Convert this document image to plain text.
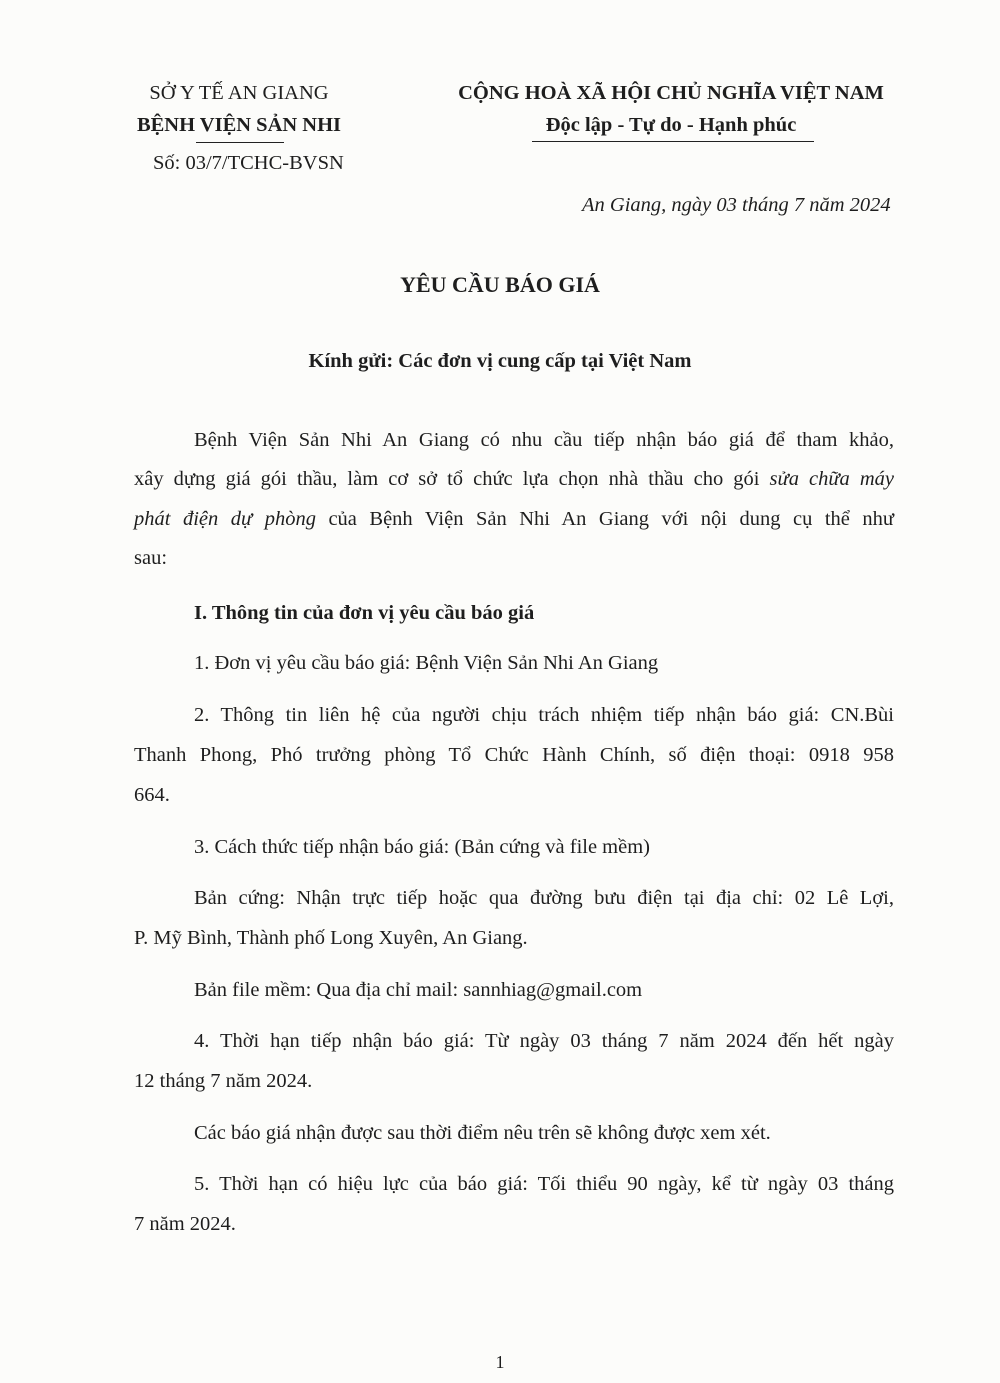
SỞ Y TẾ AN GIANG
BỆNH VIỆN SẢN NHI
Số: 03/7/TCHC-BVSN
CỘNG HOÀ XÃ HỘI CHỦ NGHĨA VIỆT NAM
Độc lập - Tự do - Hạnh phúc
An Giang, ngày 03 tháng 7 năm 2024
YÊU CẦU BÁO GIÁ
Kính gửi: Các đơn vị cung cấp tại Việt Nam
Bệnh Viện Sản Nhi An Giang có nhu cầu tiếp nhận báo giá để tham khảo,
xây dựng giá gói thầu, làm cơ sở tổ chức lựa chọn nhà thầu cho gói sửa chữa máy
phát điện dự phòng của Bệnh Viện Sản Nhi An Giang với nội dung cụ thể như
sau:
I. Thông tin của đơn vị yêu cầu báo giá
1. Đơn vị yêu cầu báo giá: Bệnh Viện Sản Nhi An Giang
2. Thông tin liên hệ của người chịu trách nhiệm tiếp nhận báo giá: CN.Bùi
Thanh Phong, Phó trưởng phòng Tổ Chức Hành Chính, số điện thoại: 0918 958
664.
3. Cách thức tiếp nhận báo giá: (Bản cứng và file mềm)
Bản cứng: Nhận trực tiếp hoặc qua đường bưu điện tại địa chỉ: 02 Lê Lợi,
P. Mỹ Bình, Thành phố Long Xuyên, An Giang.
Bản file mềm: Qua địa chỉ mail: sannhiag@gmail.com
4. Thời hạn tiếp nhận báo giá: Từ ngày 03 tháng 7 năm 2024 đến hết ngày
12 tháng 7 năm 2024.
Các báo giá nhận được sau thời điểm nêu trên sẽ không được xem xét.
5. Thời hạn có hiệu lực của báo giá: Tối thiểu 90 ngày, kể từ ngày 03 tháng
7 năm 2024.
1
